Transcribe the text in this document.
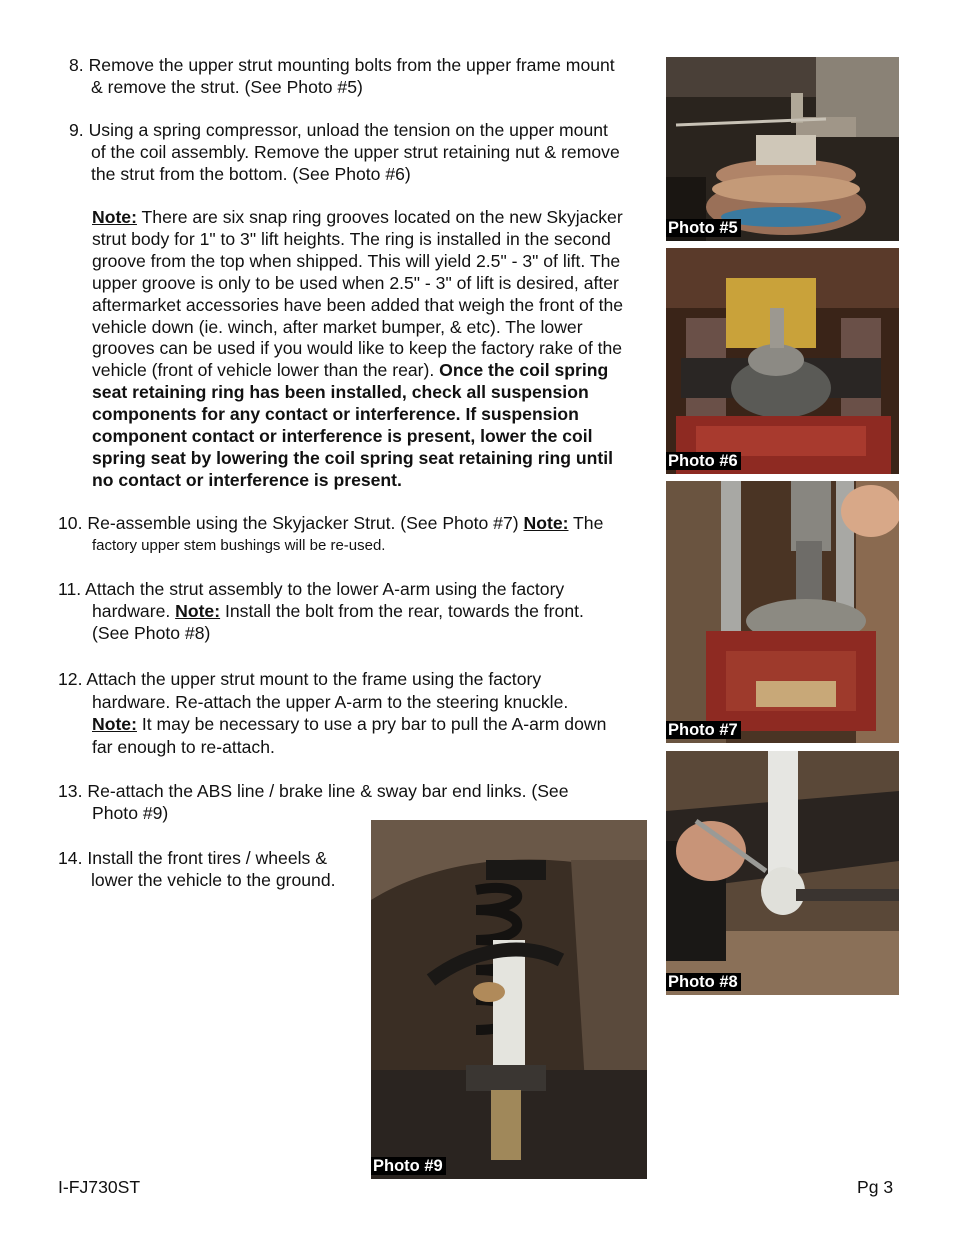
8. Remove the upper strut mounting bolts from the upper frame mount
& remove the strut. (See Photo #5)
9. Using a spring compressor, unload the tension on the upper mount
of the coil assembly. Remove the upper strut retaining nut & remove
the strut from the bottom. (See Photo #6)
Note: There are six snap ring grooves located on the new Skyjacker
strut body for 1" to 3" lift heights. The ring is installed in the second
groove from the top when shipped. This will yield 2.5" - 3" of lift. The
upper groove is only to be used when 2.5" - 3" of lift is desired, after
aftermarket accessories have been added that weigh the front of the
vehicle down (ie. winch, after market bumper, & etc). The lower
grooves can be used if you would like to keep the factory rake of the
vehicle (front of vehicle lower than the rear). Once the coil spring
seat retaining ring has been installed, check all suspension
components for any contact or interference. If suspension
component contact or interference is present, lower the coil
spring seat by lowering the coil spring seat retaining ring until
no contact or interference is present.
10. Re-assemble using the Skyjacker Strut. (See Photo #7) Note: The
factory upper stem bushings will be re-used.
11. Attach the strut assembly to the lower A-arm using the factory
hardware. Note: Install the bolt from the rear, towards the front.
(See Photo #8)
12. Attach the upper strut mount to the frame using the factory
hardware. Re-attach the upper A-arm to the steering knuckle.
Note: It may be necessary to use a pry bar to pull the A-arm down
far enough to re-attach.
13. Re-attach the ABS line / brake line & sway bar end links. (See
Photo #9)
14. Install the front tires / wheels &
lower the vehicle to the ground.
Photo #5
Photo #6
Photo #7
Photo #8
Photo #9
I-FJ730ST	Pg 3
